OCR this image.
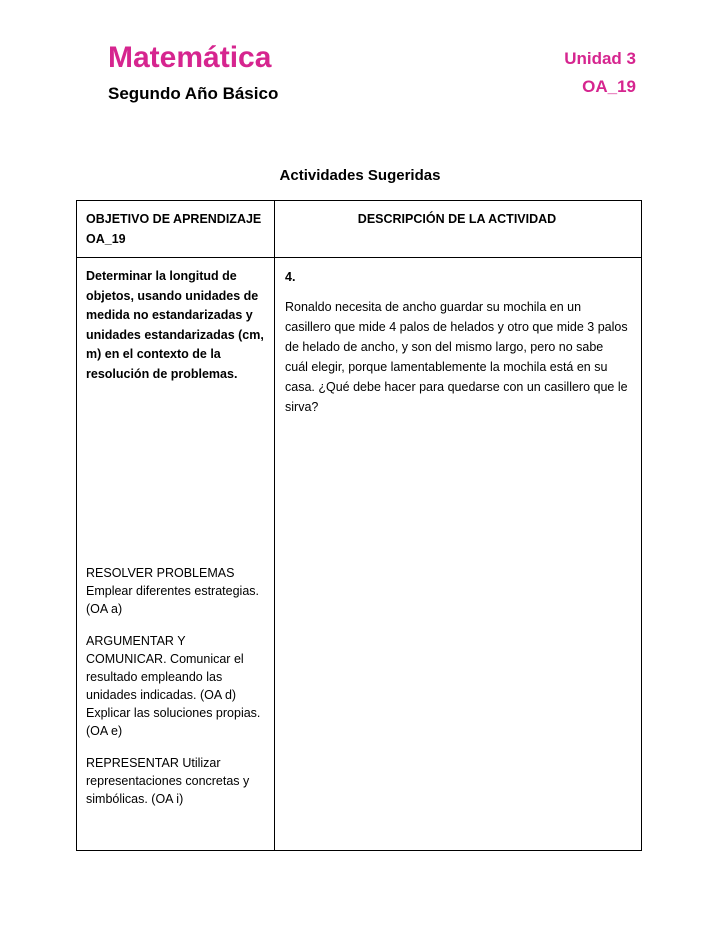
Matemática
Segundo Año Básico
Unidad 3
OA_19
Actividades Sugeridas
OBJETIVO DE APRENDIZAJE OA_19
DESCRIPCIÓN DE LA ACTIVIDAD
Determinar la longitud de objetos, usando unidades de medida no estandarizadas y unidades estandarizadas (cm, m) en el contexto de la resolución de problemas.
RESOLVER PROBLEMAS Emplear diferentes estrategias. (OA a)
ARGUMENTAR Y COMUNICAR. Comunicar el resultado empleando las unidades indicadas. (OA d) Explicar las soluciones propias. (OA e)
REPRESENTAR Utilizar representaciones concretas y simbólicas. (OA i)
4.
Ronaldo necesita de ancho guardar su mochila en un casillero que mide 4 palos de helados y otro que mide 3 palos de helado de ancho, y son del mismo largo, pero no sabe cuál elegir, porque lamentablemente la mochila está en su casa. ¿Qué debe hacer para quedarse con un casillero que le sirva?
